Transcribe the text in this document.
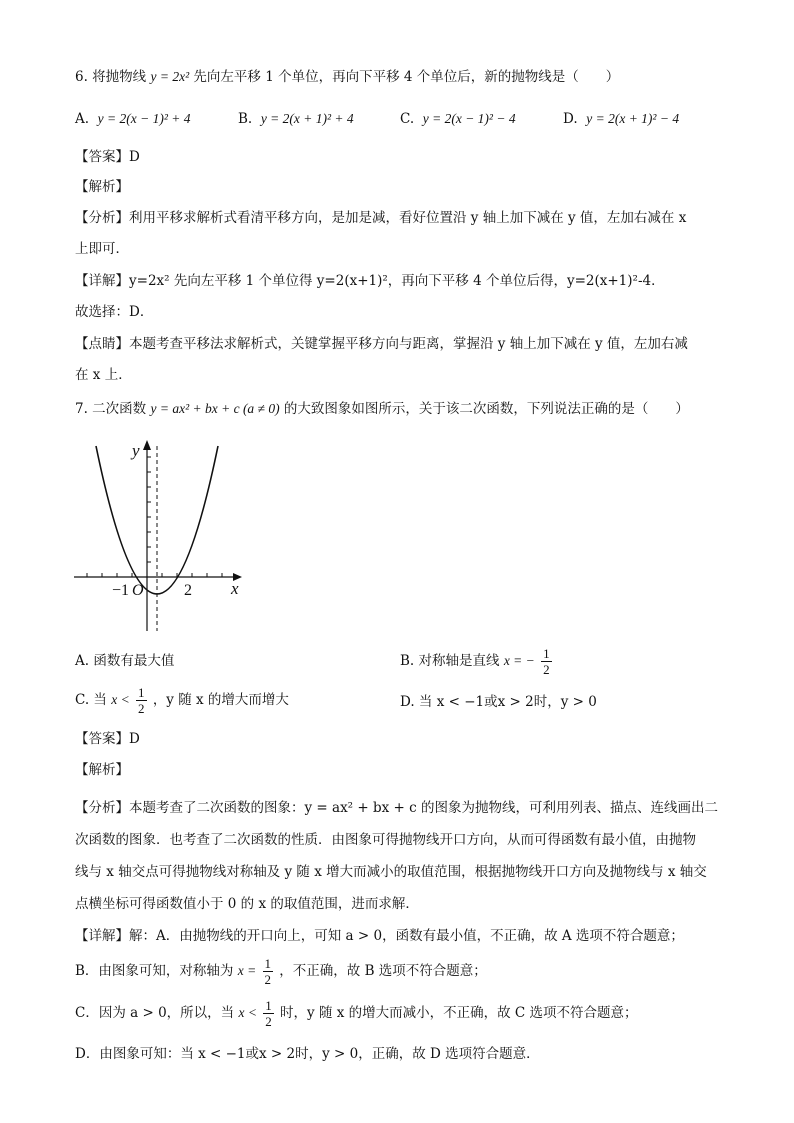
6. 将抛物线 y = 2x² 先向左平移 1 个单位，再向下平移 4 个单位后，新的抛物线是（　　）
A. y = 2(x − 1)² + 4	B. y = 2(x + 1)² + 4	C. y = 2(x − 1)² − 4	D. y = 2(x + 1)² − 4
【答案】D
【解析】
【分析】利用平移求解析式看清平移方向，是加是减，看好位置沿 y 轴上加下减在 y 值，左加右减在 x
上即可．
【详解】y=2x² 先向左平移 1 个单位得 y=2(x+1)²，再向下平移 4 个单位后得，y=2(x+1)²-4．
故选择：D．
【点睛】本题考查平移法求解析式，关键掌握平移方向与距离，掌握沿 y 轴上加下减在 y 值，左加右减
在 x 上．
7. 二次函数 y = ax² + bx + c (a ≠ 0) 的大致图象如图所示，关于该二次函数，下列说法正确的是（　　）
y
x
O
−1	2
A. 函数有最大值	B. 对称轴是直线 x = − $\frac{1}{2}$
C. 当 $x < \frac{1}{2}$ ，y 随 x 的增大而增大	D. 当 x < −1或x > 2时，y > 0
【答案】D
【解析】
【分析】本题考查了二次函数的图象：y = ax² + bx + c 的图象为抛物线，可利用列表、描点、连线画出二
次函数的图象．也考查了二次函数的性质．由图象可得抛物线开口方向，从而可得函数有最小值，由抛物
线与 x 轴交点可得抛物线对称轴及 y 随 x 增大而减小的取值范围，根据抛物线开口方向及抛物线与 x 轴交
点横坐标可得函数值小于 0 的 x 的取值范围，进而求解．
【详解】解：A．由抛物线的开口向上，可知 a > 0，函数有最小值，不正确，故 A 选项不符合题意；
B．由图象可知，对称轴为 $x = \frac{1}{2}$ ，不正确，故 B 选项不符合题意；
C．因为 a > 0，所以，当 $x < \frac{1}{2}$ 时，y 随 x 的增大而减小，不正确，故 C 选项不符合题意；
D．由图象可知：当 x < −1或x > 2时，y > 0，正确，故 D 选项符合题意．
